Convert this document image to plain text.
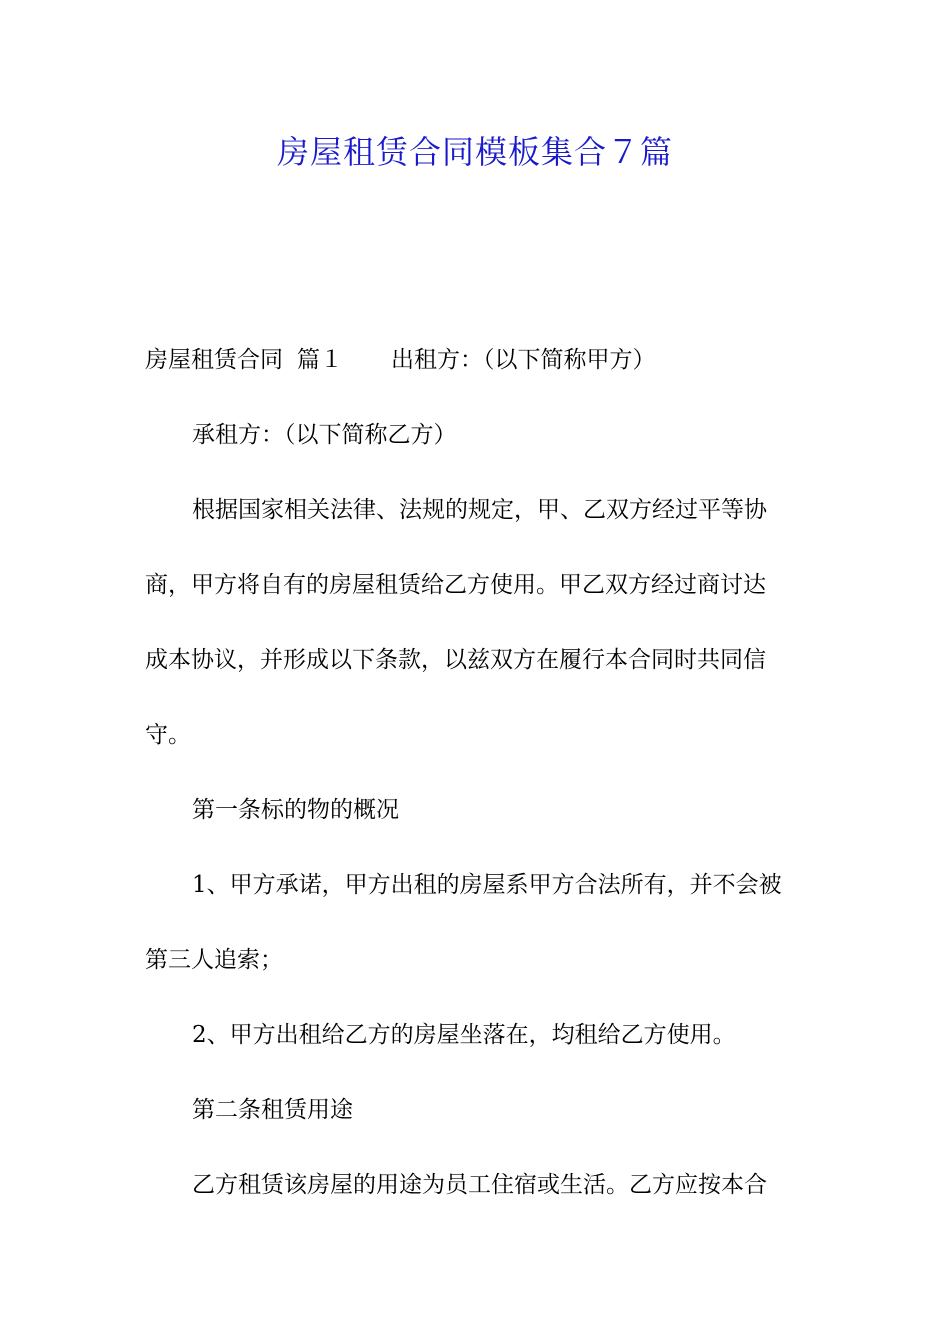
房屋租赁合同模板集合７篇

房屋租赁合同 篇１ 出租方：（以下简称甲方）

承租方：（以下简称乙方）

根据国家相关法律、法规的规定，甲、乙双方经过平等协

商，甲方将自有的房屋租赁给乙方使用。甲乙双方经过商讨达

成本协议，并形成以下条款，以兹双方在履行本合同时共同信

守。

第一条标的物的概况

1、甲方承诺，甲方出租的房屋系甲方合法所有，并不会被

第三人追索；

2、甲方出租给乙方的房屋坐落在，均租给乙方使用。

第二条租赁用途

乙方租赁该房屋的用途为员工住宿或生活。乙方应按本合
